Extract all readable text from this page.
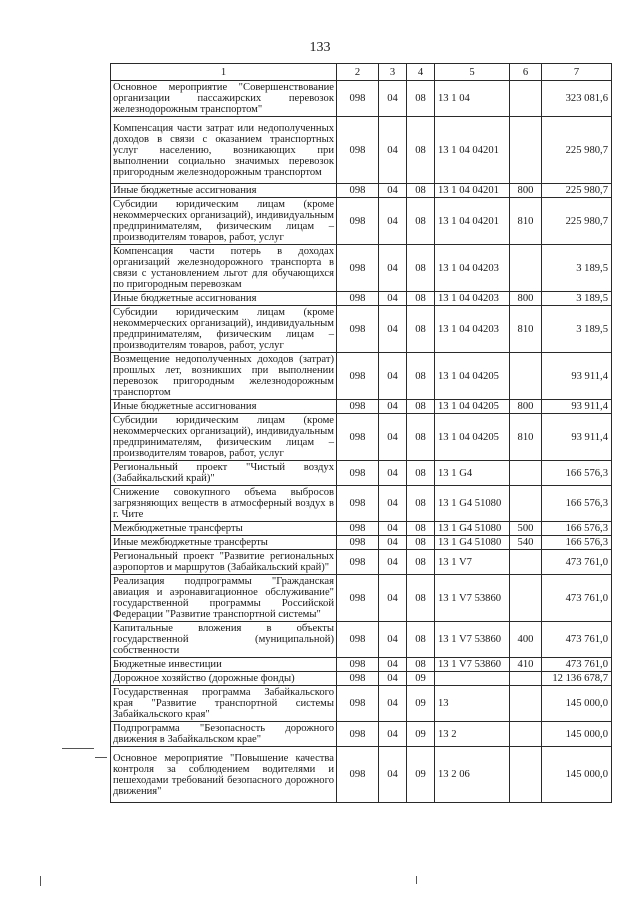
133
1	2	3	4	5	6	7
Основное мероприятие "Совершенствование организации пассажирских перевозок железнодорожным транспортом"	098	04	08	13 1 04		323 081,6
Компенсация части затрат или недополученных доходов в связи с оказанием транспортных услуг населению, возникающих при выполнении социально значимых перевозок пригородным железнодорожным транспортом	098	04	08	13 1 04 04201		225 980,7
Иные бюджетные ассигнования	098	04	08	13 1 04 04201	800	225 980,7
Субсидии юридическим лицам (кроме некоммерческих организаций), индивидуальным предпринимателям, физическим лицам – производителям товаров, работ, услуг	098	04	08	13 1 04 04201	810	225 980,7
Компенсация части потерь в доходах организаций железнодорожного транспорта в связи с установлением льгот для обучающихся по пригородным перевозкам	098	04	08	13 1 04 04203		3 189,5
Иные бюджетные ассигнования	098	04	08	13 1 04 04203	800	3 189,5
Субсидии юридическим лицам (кроме некоммерческих организаций), индивидуальным предпринимателям, физическим лицам – производителям товаров, работ, услуг	098	04	08	13 1 04 04203	810	3 189,5
Возмещение недополученных доходов (затрат) прошлых лет, возникших при выполнении перевозок пригородным железнодорожным транспортом	098	04	08	13 1 04 04205		93 911,4
Иные бюджетные ассигнования	098	04	08	13 1 04 04205	800	93 911,4
Субсидии юридическим лицам (кроме некоммерческих организаций), индивидуальным предпринимателям, физическим лицам – производителям товаров, работ, услуг	098	04	08	13 1 04 04205	810	93 911,4
Региональный проект "Чистый воздух (Забайкальский край)"	098	04	08	13 1 G4		166 576,3
Снижение совокупного объема выбросов загрязняющих веществ в атмосферный воздух в г. Чите	098	04	08	13 1 G4 51080		166 576,3
Межбюджетные трансферты	098	04	08	13 1 G4 51080	500	166 576,3
Иные межбюджетные трансферты	098	04	08	13 1 G4 51080	540	166 576,3
Региональный проект "Развитие региональных аэропортов и маршрутов (Забайкальский край)"	098	04	08	13 1 V7		473 761,0
Реализация подпрограммы "Гражданская авиация и аэронавигационное обслуживание" государственной программы Российской Федерации "Развитие транспортной системы"	098	04	08	13 1 V7 53860		473 761,0
Капитальные вложения в объекты государственной (муниципальной) собственности	098	04	08	13 1 V7 53860	400	473 761,0
Бюджетные инвестиции	098	04	08	13 1 V7 53860	410	473 761,0
Дорожное хозяйство (дорожные фонды)	098	04	09			12 136 678,7
Государственная программа Забайкальского края "Развитие транспортной системы Забайкальского края"	098	04	09	13		145 000,0
Подпрограмма "Безопасность дорожного движения в Забайкальском крае"	098	04	09	13 2		145 000,0
Основное мероприятие "Повышение качества контроля за соблюдением водителями и пешеходами требований безопасного дорожного движения"	098	04	09	13 2 06		145 000,0
